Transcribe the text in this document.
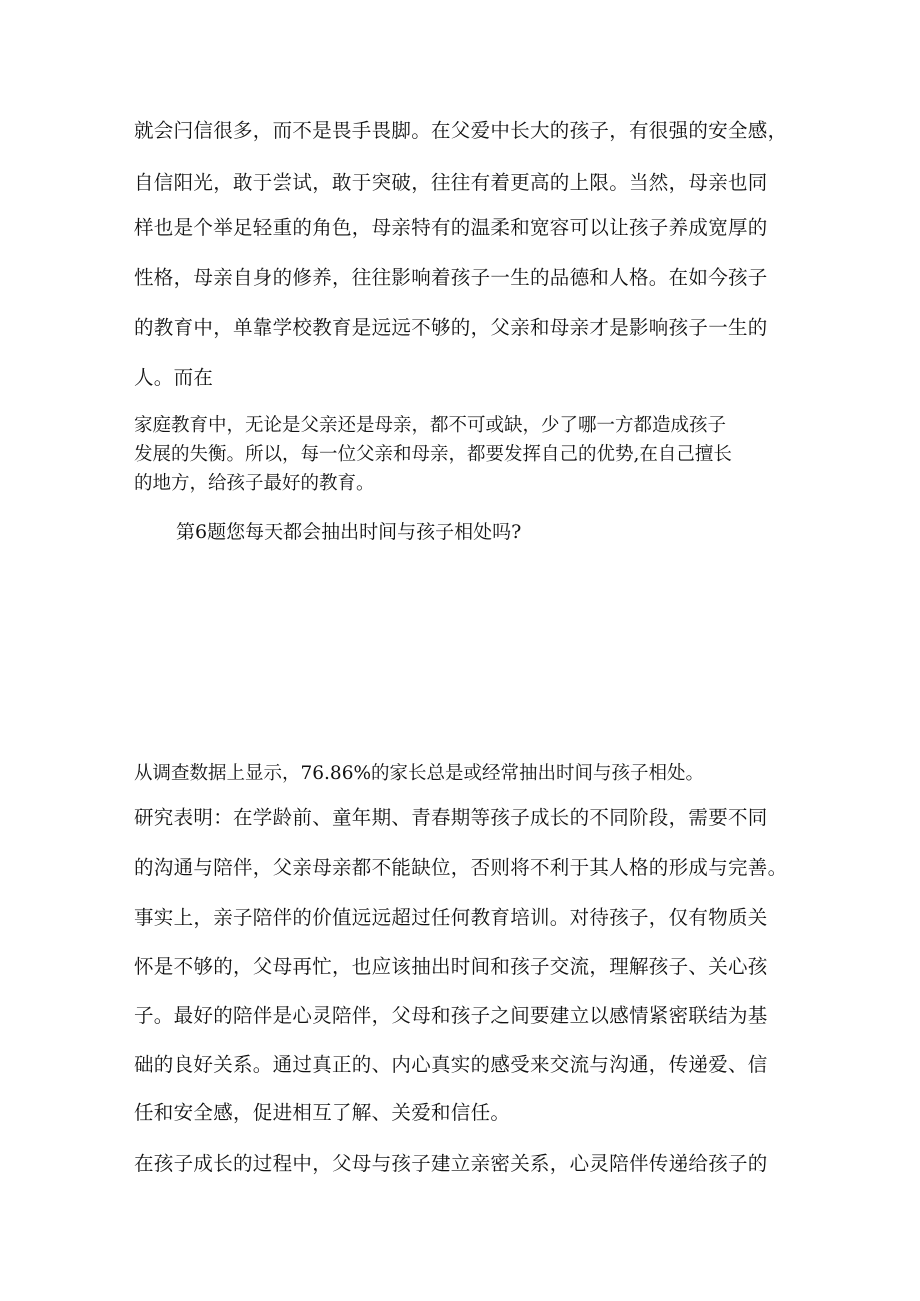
就会闩信很多，而不是畏手畏脚。在父爱中长大的孩子，有很强的安全感，
自信阳光，敢于尝试，敢于突破，往往有着更高的上限。当然，母亲也同
样也是个举足轻重的角色，母亲特有的温柔和宽容可以让孩子养成宽厚的
性格，母亲自身的修养，往往影响着孩子一生的品德和人格。在如今孩子
的教育中，单靠学校教育是远远不够的，父亲和母亲才是影响孩子一生的
人。而在
家庭教育中，无论是父亲还是母亲，都不可或缺，少了哪一方都造成孩子
发展的失衡。所以，每一位父亲和母亲，都要发挥自己的优势,在自己擅长
的地方，给孩子最好的教育。
第6题您每天都会抽出时间与孩子相处吗?
从调查数据上显示，76.86%的家长总是或经常抽出时间与孩子相处。
研究表明：在学龄前、童年期、青春期等孩子成长的不同阶段，需要不同
的沟通与陪伴，父亲母亲都不能缺位，否则将不利于其人格的形成与完善。
事实上，亲子陪伴的价值远远超过任何教育培训。对待孩子，仅有物质关
怀是不够的，父母再忙，也应该抽出时间和孩子交流，理解孩子、关心孩
子。最好的陪伴是心灵陪伴，父母和孩子之间要建立以感情紧密联结为基
础的良好关系。通过真正的、内心真实的感受来交流与沟通，传递爱、信
任和安全感，促进相互了解、关爱和信任。
在孩子成长的过程中，父母与孩子建立亲密关系，心灵陪伴传递给孩子的
